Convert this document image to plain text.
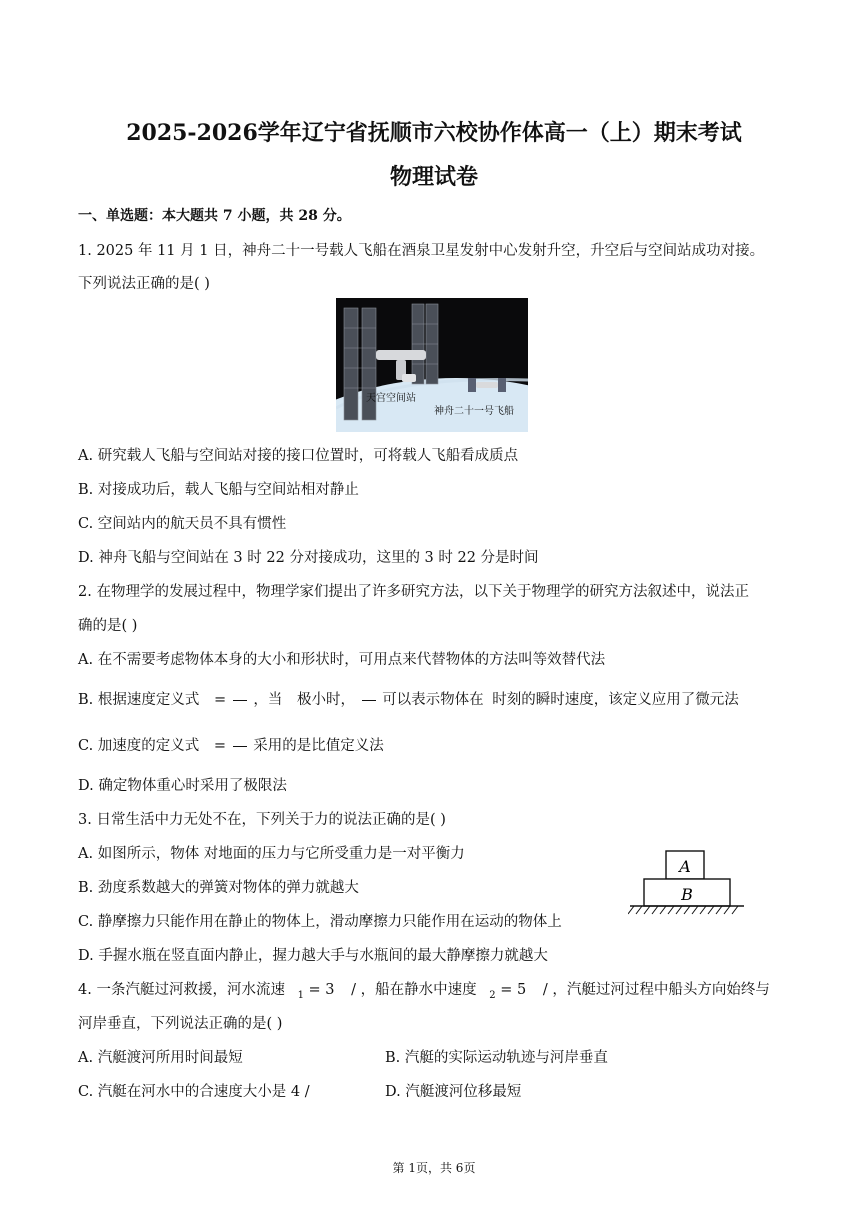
2025-2026学年辽宁省抚顺市六校协作体高一（上）期末考试
物理试卷
一、单选题：本大题共 7 小题，共 28 分。
1. 2025 年 11 月 1 日，神舟二十一号载人飞船在酒泉卫星发射中心发射升空，升空后与空间站成功对接。
下列说法正确的是( )
天宫空间站
神舟二十一号飞船
A. 研究载人飞船与空间站对接的接口位置时，可将载人飞船看成质点
B. 对接成功后，载人飞船与空间站相对静止
C. 空间站内的航天员不具有惯性
D. 神舟飞船与空间站在 3 时 22 分对接成功，这里的 3 时 22 分是时间
2. 在物理学的发展过程中，物理学家们提出了许多研究方法，以下关于物理学的研究方法叙述中，说法正
确的是( )
A. 在不需要考虑物体本身的大小和形状时，可用点来代替物体的方法叫等效替代法
B. 根据速度定义式 = ，当 极小时， 可以表示物体在 时刻的瞬时速度，该定义应用了微元法
C. 加速度的定义式 = 采用的是比值定义法
D. 确定物体重心时采用了极限法
3. 日常生活中力无处不在，下列关于力的说法正确的是( )
A. 如图所示，物体 对地面的压力与它所受重力是一对平衡力
B. 劲度系数越大的弹簧对物体的弹力就越大
C. 静摩擦力只能作用在静止的物体上，滑动摩擦力只能作用在运动的物体上
D. 手握水瓶在竖直面内静止，握力越大手与水瓶间的最大静摩擦力就越大
A
B
4. 一条汽艇过河救援，河水流速 $_1$ = 3 / ，船在静水中速度 $_2$ = 5 / ，汽艇过河过程中船头方向始终与
河岸垂直，下列说法正确的是( )
A. 汽艇渡河所用时间最短	B. 汽艇的实际运动轨迹与河岸垂直
C. 汽艇在河水中的合速度大小是 4 /	D. 汽艇渡河位移最短
第 1页，共 6页
